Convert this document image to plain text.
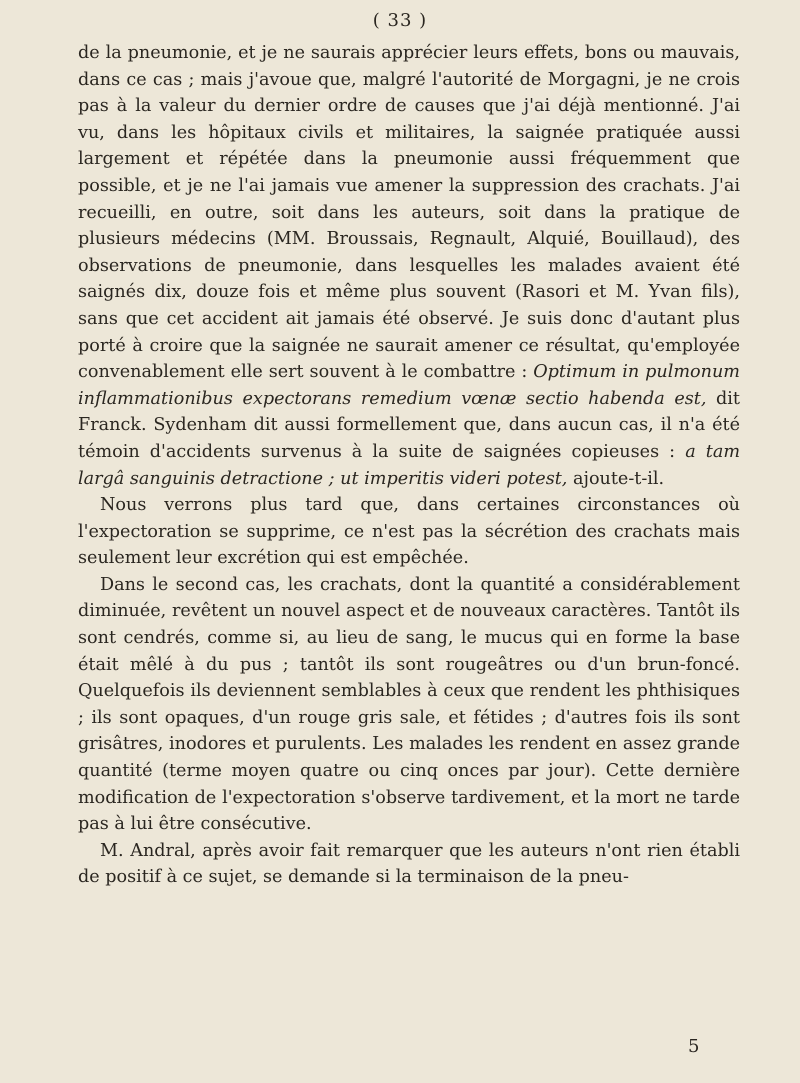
( 33 )

de la pneumonie, et je ne saurais apprécier leurs effets, bons ou mauvais, dans ce cas ; mais j'avoue que, malgré l'autorité de Morgagni, je ne crois pas à la valeur du dernier ordre de causes que j'ai déjà mentionné. J'ai vu, dans les hôpitaux civils et militaires, la saignée pratiquée aussi largement et répétée dans la pneumonie aussi fréquemment que possible, et je ne l'ai jamais vue amener la suppression des crachats. J'ai recueilli, en outre, soit dans les auteurs, soit dans la pratique de plusieurs médecins (MM. Broussais, Regnault, Alquié, Bouillaud), des observations de pneumonie, dans lesquelles les malades avaient été saignés dix, douze fois et même plus souvent (Rasori et M. Yvan fils), sans que cet accident ait jamais été observé. Je suis donc d'autant plus porté à croire que la saignée ne saurait amener ce résultat, qu'employée convenablement elle sert souvent à le combattre : Optimum in pulmonum inflammationibus expectorans remedium vœnæ sectio habenda est, dit Franck. Sydenham dit aussi formellement que, dans aucun cas, il n'a été témoin d'accidents survenus à la suite de saignées copieuses : a tam largâ sanguinis detractione ; ut imperitis videri potest, ajoute-t-il.

Nous verrons plus tard que, dans certaines circonstances où l'expectoration se supprime, ce n'est pas la sécrétion des crachats mais seulement leur excrétion qui est empêchée.

Dans le second cas, les crachats, dont la quantité a considérablement diminuée, revêtent un nouvel aspect et de nouveaux caractères. Tantôt ils sont cendrés, comme si, au lieu de sang, le mucus qui en forme la base était mêlé à du pus ; tantôt ils sont rougeâtres ou d'un brun-foncé. Quelquefois ils deviennent semblables à ceux que rendent les phthisiques ; ils sont opaques, d'un rouge gris sale, et fétides ; d'autres fois ils sont grisâtres, inodores et purulents. Les malades les rendent en assez grande quantité (terme moyen quatre ou cinq onces par jour). Cette dernière modification de l'expectoration s'observe tardivement, et la mort ne tarde pas à lui être consécutive.

M. Andral, après avoir fait remarquer que les auteurs n'ont rien établi de positif à ce sujet, se demande si la terminaison de la pneu-

5
